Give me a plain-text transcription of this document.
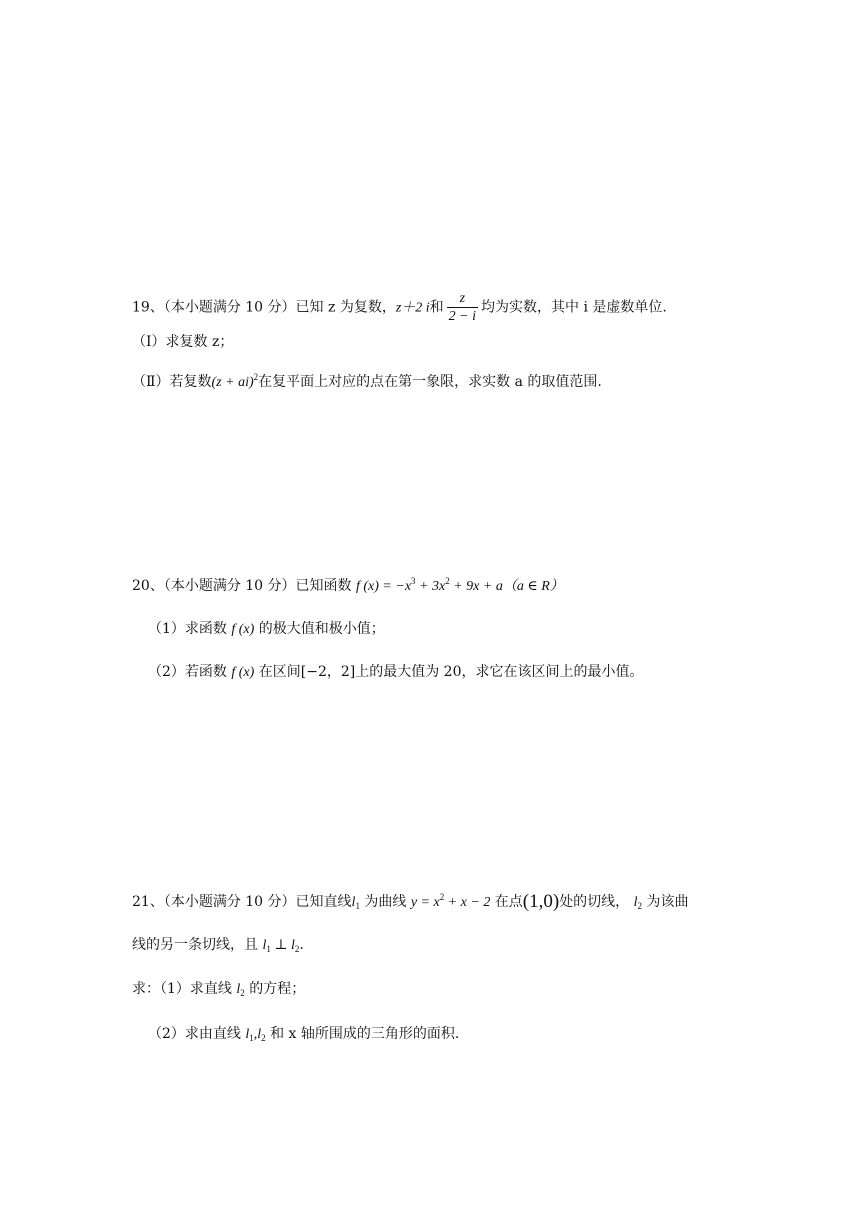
19、（本小题满分 10 分）已知 z 为复数，z＋2 i和 $\frac{z}{2 - i}$ 均为实数，其中 i 是虚数单位.
（Ⅰ）求复数 z；
（Ⅱ）若复数(z + ai)$^2$在复平面上对应的点在第一象限，求实数 a 的取值范围.
20、（本小题满分 10 分）已知函数 f $(x) = -x^3 + 3x^2 + 9x + a(a$ ∈ R）
（1）求函数 f (x) 的极大值和极小值；
（2）若函数 f (x) 在区间[−2，2]上的最大值为 20，求它在该区间上的最小值。
21、（本小题满分 10 分）已知直线$l_1$ 为曲线 $y = x^2 + x - 2$ 在点(1,0)处的切线， $l_2$ 为该曲
线的另一条切线，且 $l_1$ ⊥ $l_2$.
求：（1）求直线 $l_2$ 的方程；
（2）求由直线 $l_1,l_2$ 和 x 轴所围成的三角形的面积.
